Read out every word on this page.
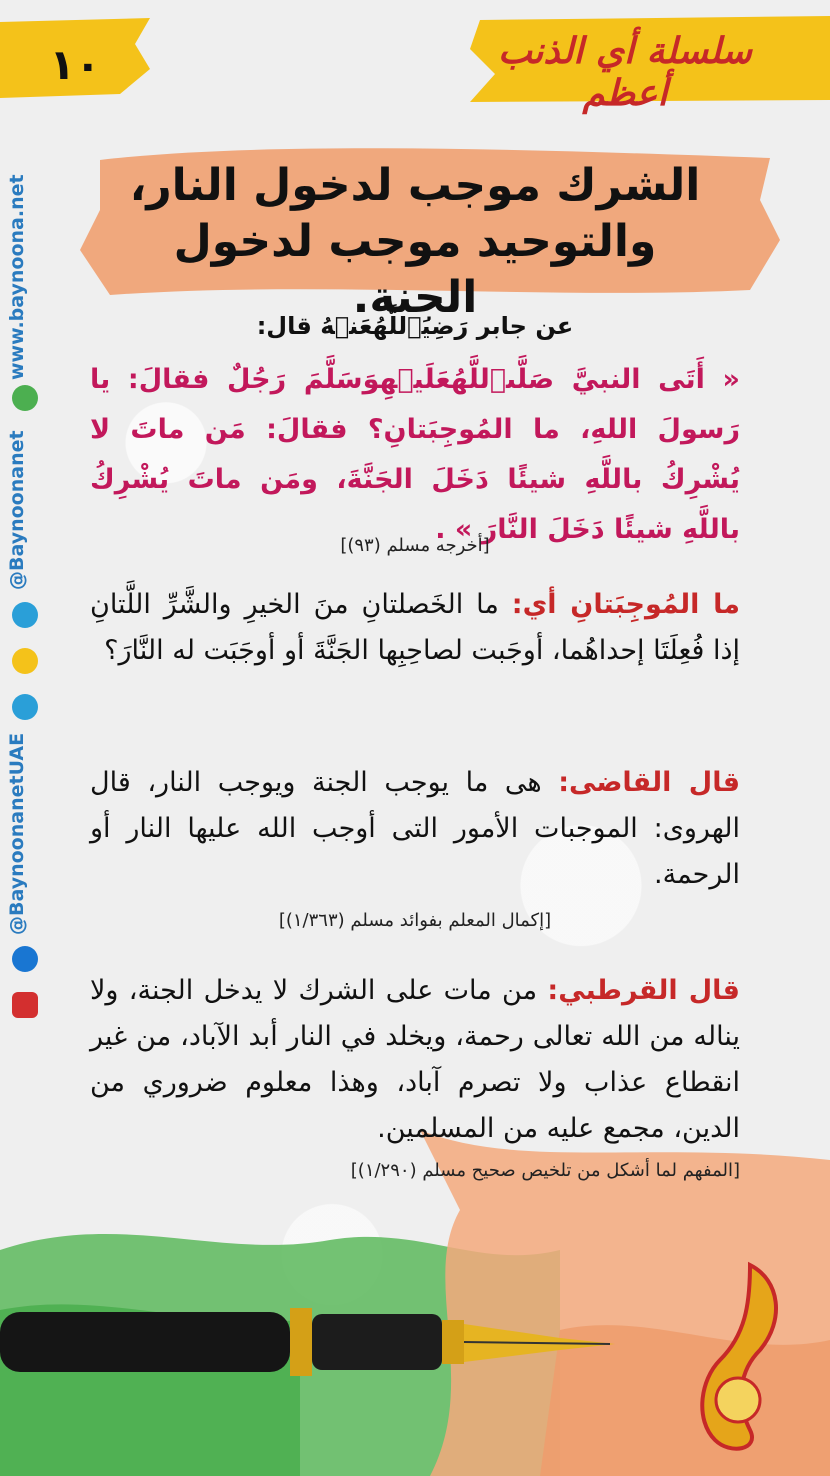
١٠	سلسلة أي الذنب أعظم
الشرك موجب لدخول النار،
والتوحيد موجب لدخول الجنة.
عن جابر رَضِيَٱللَّهُعَنۡهُ قال:
« أَتَى النبيَّ صَلَّىٱللَّهُعَلَيۡهِوَسَلَّمَ رَجُلٌ فقالَ: يا رَسولَ اللهِ، ما المُوجِبَتانِ؟ فقالَ: مَن ماتَ لا يُشْرِكُ باللَّهِ شيئًا دَخَلَ الجَنَّةَ، ومَن ماتَ يُشْرِكُ باللَّهِ شيئًا دَخَلَ النَّارَ » .
[أخرجه مسلم (٩٣)]
ما المُوجِبَتانِ أي: ما الخَصلتانِ منَ الخيرِ والشَّرِّ اللَّتانِ إذا فُعِلَتَا إحداهُما، أوجَبت لصاحِبِها الجَنَّةَ أو أوجَبَت له النَّارَ؟
قال القاضى: هى ما يوجب الجنة ويوجب النار، قال الهروى: الموجبات الأمور التى أوجب الله عليها النار أو الرحمة.
[إكمال المعلم بفوائد مسلم (١/٣٦٣)]
قال القرطبي: من مات على الشرك لا يدخل الجنة، ولا يناله من الله تعالى رحمة، ويخلد في النار أبد الآباد، من غير انقطاع عذاب ولا تصرم آباد، وهذا معلوم ضروري من الدين، مجمع عليه من المسلمين.
[المفهم لما أشكل من تلخيص صحيح مسلم (١/٢٩٠)]
www.baynoona.net
@Baynoonanet
@BaynoonanetUAE
